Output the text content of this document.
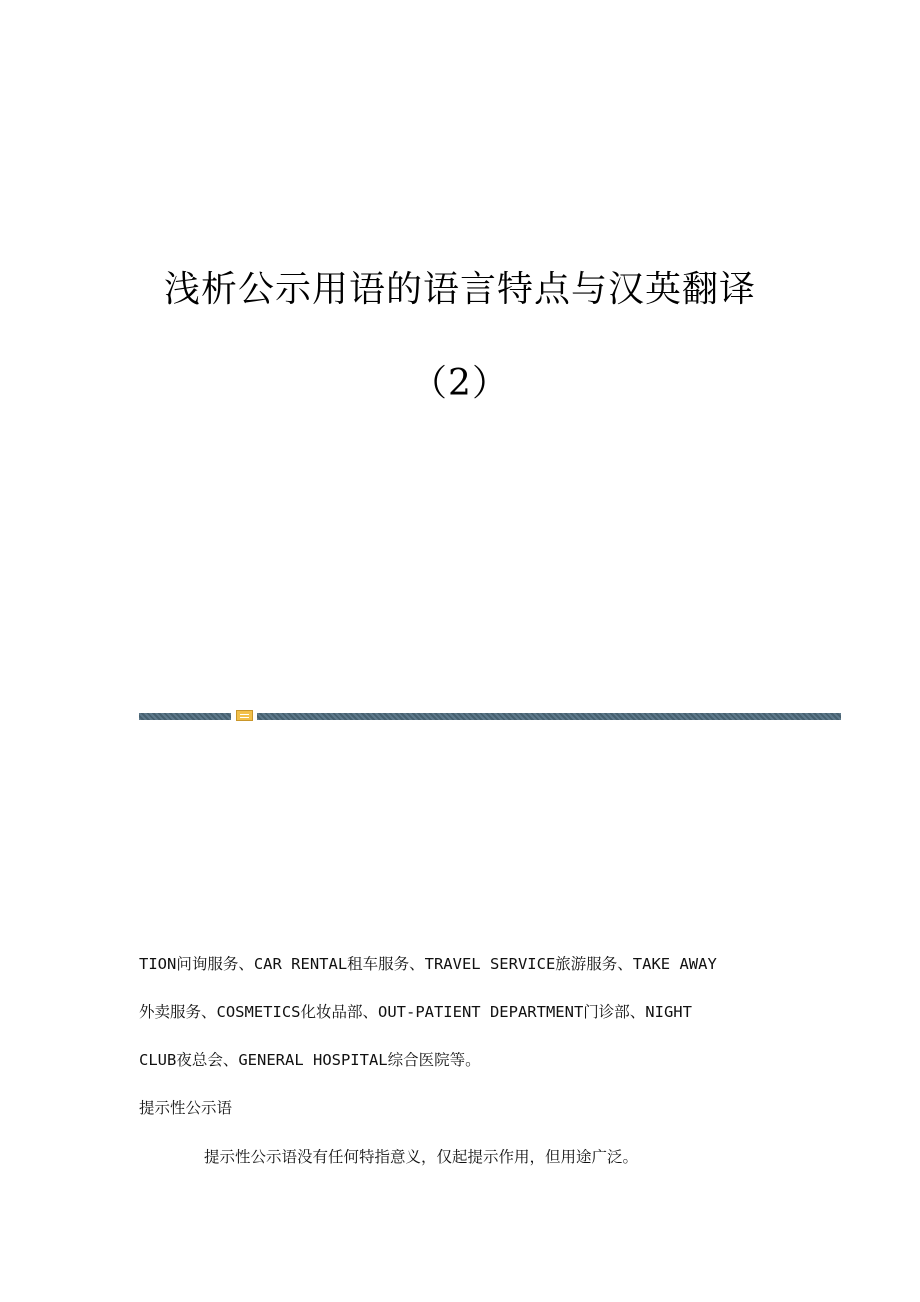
浅析公示用语的语言特点与汉英翻译
（2）
TION问询服务、CAR RENTAL租车服务、TRAVEL SERVICE旅游服务、TAKE AWAY
外卖服务、COSMETICS化妆品部、OUT-PATIENT DEPARTMENT门诊部、NIGHT
CLUB夜总会、GENERAL HOSPITAL综合医院等。
提示性公示语
提示性公示语没有任何特指意义，仅起提示作用，但用途广泛。
